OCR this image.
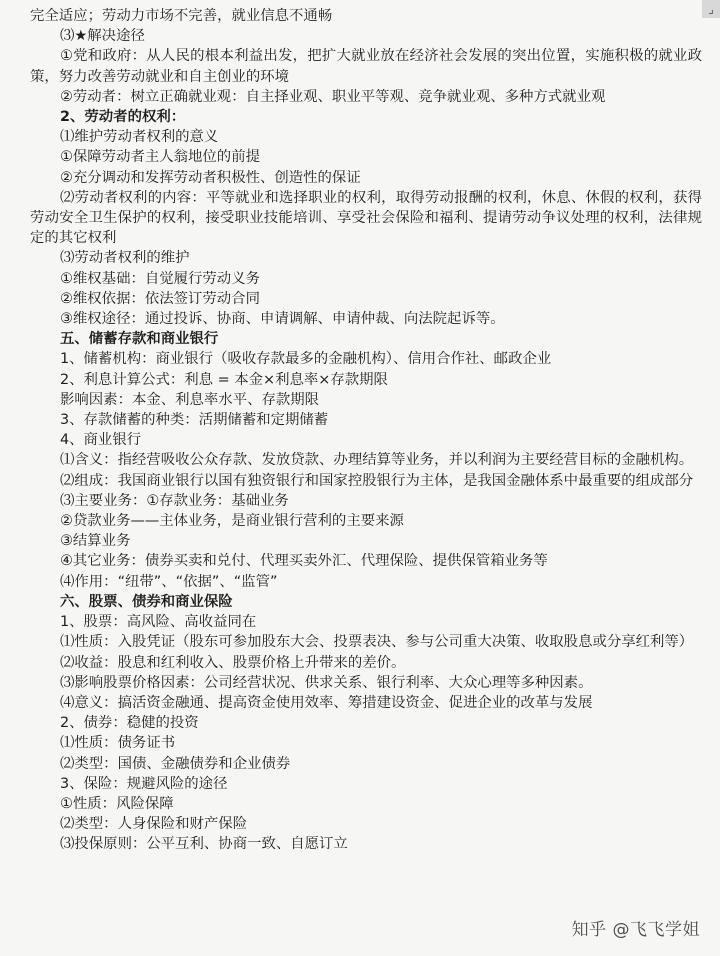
完全适应；劳动力市场不完善，就业信息不通畅
⑶★解决途径
①党和政府：从人民的根本利益出发，把扩大就业放在经济社会发展的突出位置，实施积极的就业政策，努力改善劳动就业和自主创业的环境
②劳动者：树立正确就业观：自主择业观、职业平等观、竞争就业观、多种方式就业观
2、劳动者的权利：
⑴维护劳动者权利的意义
①保障劳动者主人翁地位的前提
②充分调动和发挥劳动者积极性、创造性的保证
⑵劳动者权利的内容：平等就业和选择职业的权利，取得劳动报酬的权利，休息、休假的权利，获得劳动安全卫生保护的权利，接受职业技能培训、享受社会保险和福利、提请劳动争议处理的权利，法律规定的其它权利
⑶劳动者权利的维护
①维权基础：自觉履行劳动义务
②维权依据：依法签订劳动合同
③维权途径：通过投诉、协商、申请调解、申请仲裁、向法院起诉等。
五、储蓄存款和商业银行
1、储蓄机构：商业银行（吸收存款最多的金融机构）、信用合作社、邮政企业
2、利息计算公式：利息 = 本金×利息率×存款期限
影响因素：本金、利息率水平、存款期限
3、存款储蓄的种类：活期储蓄和定期储蓄
4、商业银行
⑴含义：指经营吸收公众存款、发放贷款、办理结算等业务，并以利润为主要经营目标的金融机构。
⑵组成：我国商业银行以国有独资银行和国家控股银行为主体，是我国金融体系中最重要的组成部分
⑶主要业务：①存款业务：基础业务
②贷款业务——主体业务，是商业银行营利的主要来源
③结算业务
④其它业务：债券买卖和兑付、代理买卖外汇、代理保险、提供保管箱业务等
⑷作用：“纽带”、“依据”、“监管”
六、股票、债券和商业保险
1、股票：高风险、高收益同在
⑴性质：入股凭证（股东可参加股东大会、投票表决、参与公司重大决策、收取股息或分享红利等）
⑵收益：股息和红利收入、股票价格上升带来的差价。
⑶影响股票价格因素：公司经营状况、供求关系、银行利率、大众心理等多种因素。
⑷意义：搞活资金融通、提高资金使用效率、筹措建设资金、促进企业的改革与发展
2、债券：稳健的投资
⑴性质：债务证书
⑵类型：国债、金融债券和企业债券
3、保险：规避风险的途径
①性质：风险保障
⑵类型：人身保险和财产保险
⑶投保原则：公平互利、协商一致、自愿订立
⌟
知乎 @飞飞学姐
